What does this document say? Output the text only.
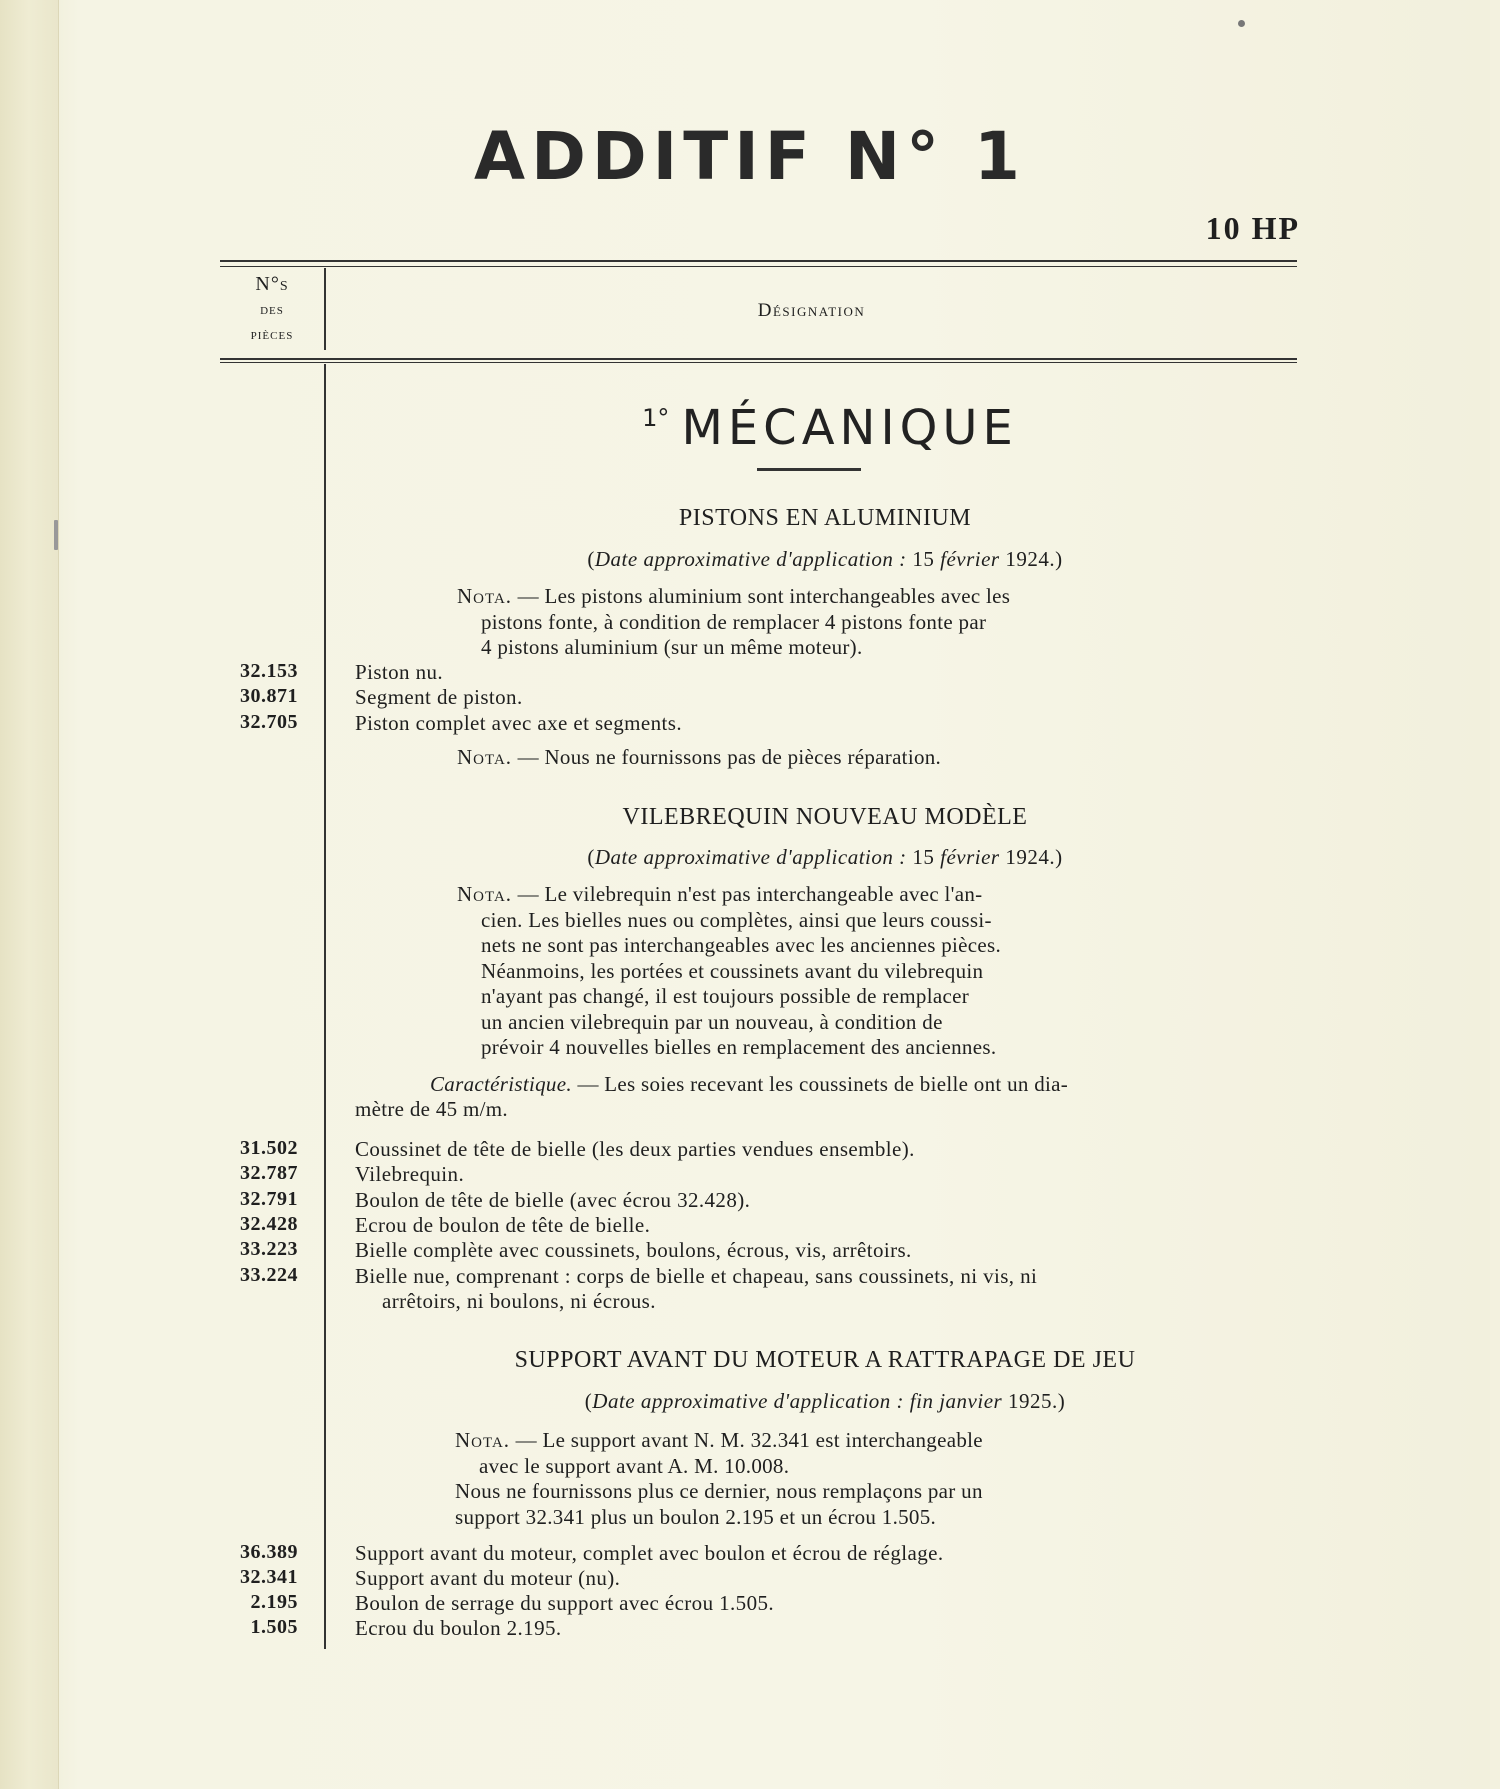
ADDITIF N° 1
10 HP
N°s
des
pièces
Désignation
$^{1^\circ}$ MÉCANIQUE
PISTONS EN ALUMINIUM
(Date approximative d'application : 15 février 1924.)
Nota. — Les pistons aluminium sont interchangeables avec les
pistons fonte, à condition de remplacer 4 pistons fonte par
4 pistons aluminium (sur un même moteur).
32.153	Piston nu.
30.871	Segment de piston.
32.705	Piston complet avec axe et segments.
Nota. — Nous ne fournissons pas de pièces réparation.
VILEBREQUIN NOUVEAU MODÈLE
(Date approximative d'application : 15 février 1924.)
Nota. — Le vilebrequin n'est pas interchangeable avec l'an-
cien. Les bielles nues ou complètes, ainsi que leurs coussi-
nets ne sont pas interchangeables avec les anciennes pièces.
Néanmoins, les portées et coussinets avant du vilebrequin
n'ayant pas changé, il est toujours possible de remplacer
un ancien vilebrequin par un nouveau, à condition de
prévoir 4 nouvelles bielles en remplacement des anciennes.
Caractéristique. — Les soies recevant les coussinets de bielle ont un dia-
mètre de 45 m/m.
31.502	Coussinet de tête de bielle (les deux parties vendues ensemble).
32.787	Vilebrequin.
32.791	Boulon de tête de bielle (avec écrou 32.428).
32.428	Ecrou de boulon de tête de bielle.
33.223	Bielle complète avec coussinets, boulons, écrous, vis, arrêtoirs.
33.224	Bielle nue, comprenant : corps de bielle et chapeau, sans coussinets, ni vis, ni
arrêtoirs, ni boulons, ni écrous.
SUPPORT AVANT DU MOTEUR A RATTRAPAGE DE JEU
(Date approximative d'application : fin janvier 1925.)
Nota. — Le support avant N. M. 32.341 est interchangeable
avec le support avant A. M. 10.008.
Nous ne fournissons plus ce dernier, nous remplaçons par un
support 32.341 plus un boulon 2.195 et un écrou 1.505.
36.389	Support avant du moteur, complet avec boulon et écrou de réglage.
32.341	Support avant du moteur (nu).
2.195	Boulon de serrage du support avec écrou 1.505.
1.505	Ecrou du boulon 2.195.
